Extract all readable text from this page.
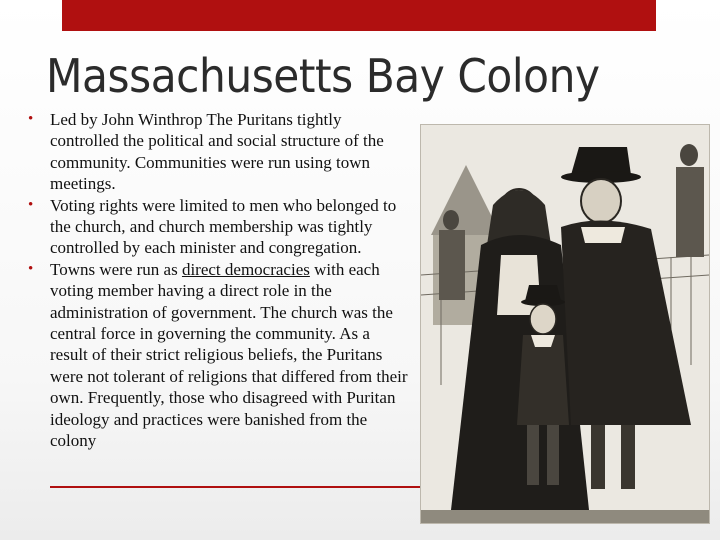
Massachusetts Bay Colony
• Led by John Winthrop The Puritans tightly controlled the political and social structure of the community. Communities were run using town meetings.
• Voting rights were limited to men who belonged to the church, and church membership was tightly controlled by each minister and congregation.
• Towns were run as direct democracies with each voting member having a direct role in the administration of government. The church was the central force in governing the community. As a result of their strict religious beliefs, the Puritans were not tolerant of religions that differed from their own. Frequently, those who disagreed with Puritan ideology and practices were banished from the colony
